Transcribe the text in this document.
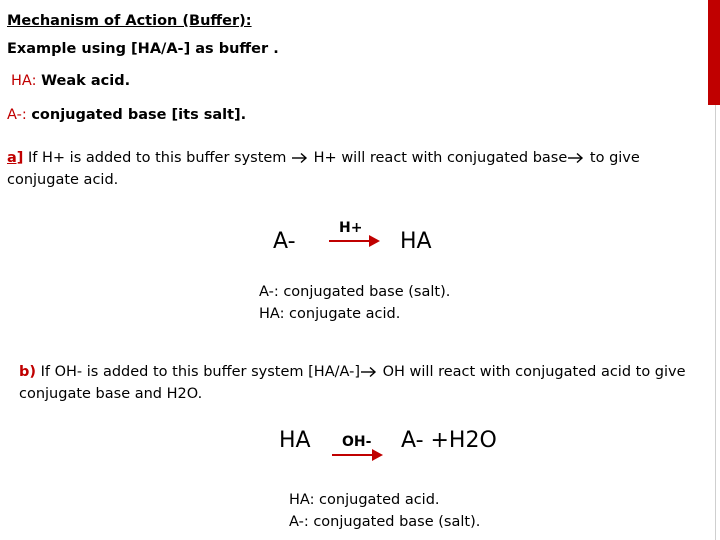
Mechanism of Action (Buffer):
Example using [HA/A-] as buffer .
HA: Weak acid.
A-: conjugated base [its salt].
a] If H+ is added to this buffer system  H+ will react with conjugated base to give
conjugate acid.
A-
H+
HA
A-: conjugated base (salt).
HA: conjugate acid.
b) If OH- is added to this buffer system [HA/A-] OH will react with conjugated acid to give
conjugate base and H2O.
HA OH- A- +H2O
HA: conjugated acid.
A-: conjugated base (salt).
